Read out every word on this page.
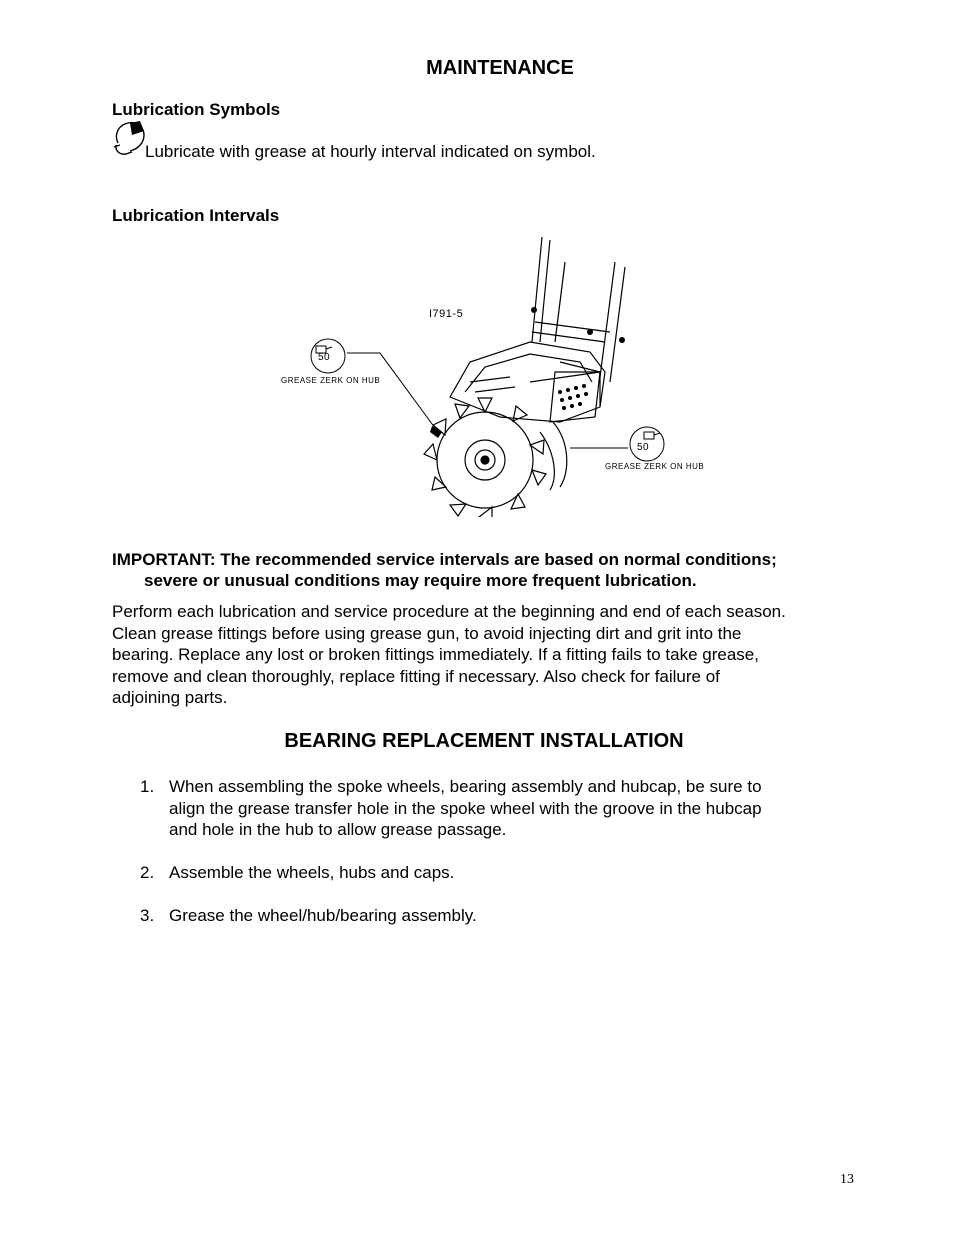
MAINTENANCE
Lubrication Symbols
Lubricate with grease at hourly interval indicated on symbol.
Lubrication Intervals
I791-5
50
GREASE ZERK ON HUB
50
GREASE ZERK ON HUB
IMPORTANT: The recommended service intervals are based on normal conditions;
severe or unusual conditions may require more frequent lubrication.
Perform each lubrication and service procedure at the beginning and end of each season.
Clean grease fittings before using grease gun, to avoid injecting dirt and grit into the
bearing. Replace any lost or broken fittings immediately. If a fitting fails to take grease,
remove and clean thoroughly, replace fitting if necessary. Also check for failure of
adjoining parts.
BEARING REPLACEMENT INSTALLATION
1. When assembling the spoke wheels, bearing assembly and hubcap, be sure to
align the grease transfer hole in the spoke wheel with the groove in the hubcap
and hole in the hub to allow grease passage.
2. Assemble the wheels, hubs and caps.
3. Grease the wheel/hub/bearing assembly.
13
